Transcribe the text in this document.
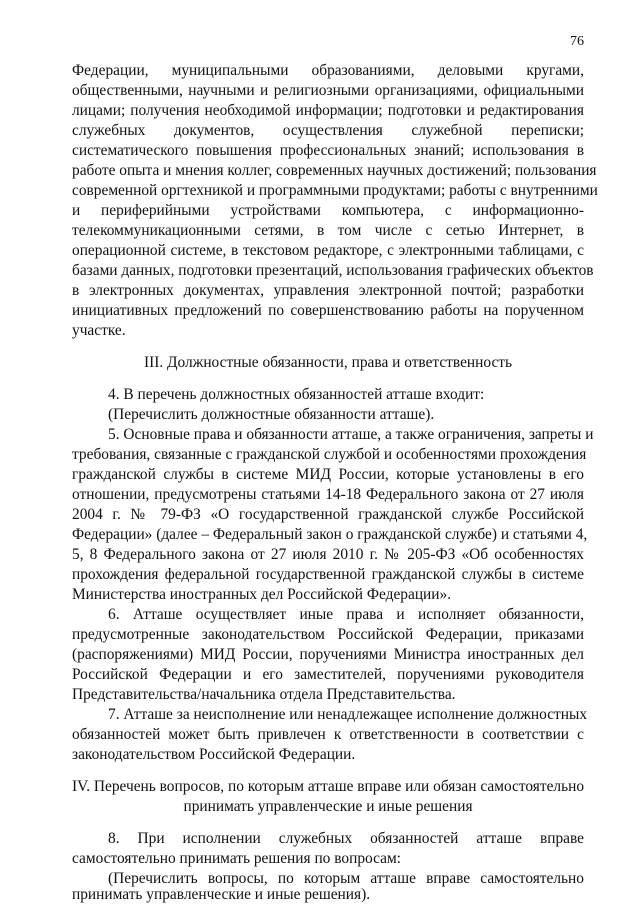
76
Федерации, муниципальными образованиями, деловыми кругами,
общественными, научными и религиозными организациями, официальными
лицами; получения необходимой информации; подготовки и редактирования
служебных документов, осуществления служебной переписки;
систематического повышения профессиональных знаний; использования в
работе опыта и мнения коллег, современных научных достижений; пользования
современной оргтехникой и программными продуктами; работы с внутренними
и периферийными устройствами компьютера, с информационно-
телекоммуникационными сетями, в том числе с сетью Интернет, в
операционной системе, в текстовом редакторе, с электронными таблицами, с
базами данных, подготовки презентаций, использования графических объектов
в электронных документах, управления электронной почтой; разработки
инициативных предложений по совершенствованию работы на порученном
участке.
III. Должностные обязанности, права и ответственность
4. В перечень должностных обязанностей атташе входит:
(Перечислить должностные обязанности атташе).
5. Основные права и обязанности атташе, а также ограничения, запреты и
требования, связанные с гражданской службой и особенностями прохождения
гражданской службы в системе МИД России, которые установлены в его
отношении, предусмотрены статьями 14-18 Федерального закона от 27 июля
2004 г. № 79-ФЗ «О государственной гражданской службе Российской
Федерации» (далее – Федеральный закон о гражданской службе) и статьями 4,
5, 8 Федерального закона от 27 июля 2010 г. № 205-ФЗ «Об особенностях
прохождения федеральной государственной гражданской службы в системе
Министерства иностранных дел Российской Федерации».
6. Атташе осуществляет иные права и исполняет обязанности,
предусмотренные законодательством Российской Федерации, приказами
(распоряжениями) МИД России, поручениями Министра иностранных дел
Российской Федерации и его заместителей, поручениями руководителя
Представительства/начальника отдела Представительства.
7. Атташе за неисполнение или ненадлежащее исполнение должностных
обязанностей может быть привлечен к ответственности в соответствии с
законодательством Российской Федерации.
IV. Перечень вопросов, по которым атташе вправе или обязан самостоятельно
принимать управленческие и иные решения
8. При исполнении служебных обязанностей атташе вправе
самостоятельно принимать решения по вопросам:
(Перечислить вопросы, по которым атташе вправе самостоятельно
принимать управленческие и иные решения).
